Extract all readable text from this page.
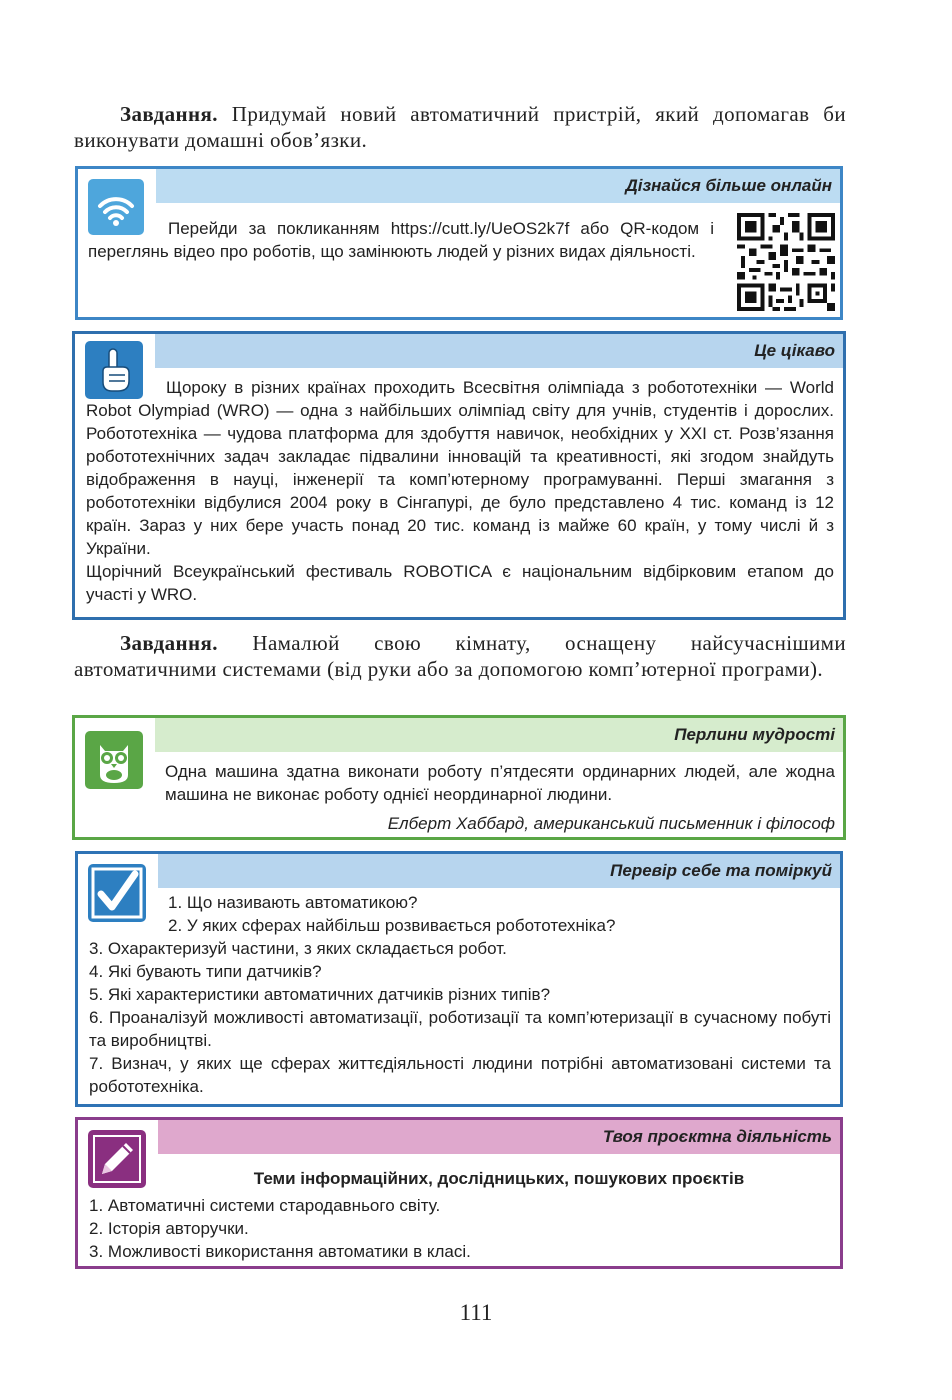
Завдання. Придумай новий автоматичний пристрій, який допомагав би виконувати домашні обов’язки.
Дізнайся більше онлайн
Перейди за покликанням https://cutt.ly/UeOS2k7f або QR-кодом і переглянь відео про роботів, що замінюють людей у різних видах діяльності.
Це цікаво
Щороку в різних країнах проходить Всесвітня олімпіада з робототехніки — World Robot Olympiad (WRO) — одна з найбільших олімпіад світу для учнів, студентів і дорослих. Робототехніка — чудова платформа для здобуття навичок, необхідних у XXI ст. Розв’язання робототехнічних задач закладає підвалини інновацій та креативності, які згодом знайдуть відображення в науці, інженерії та комп’ютерному програмуванні. Перші змагання з робототехніки відбулися 2004 року в Сінгапурі, де було представлено 4 тис. команд із 12 країн. Зараз у них бере участь понад 20 тис. команд із майже 60 країн, у тому числі й з України.
Щорічний Всеукраїнський фестиваль ROBOTICA є національним відбірковим етапом до участі у WRO.
Завдання. Намалюй свою кімнату, оснащену найсучаснішими автоматичними системами (від руки або за допомогою комп’ютерної програми).
Перлини мудрості
Одна машина здатна виконати роботу п’ятдесяти ординарних людей, але жодна машина не виконає роботу однієї неординарної людини.
Елберт Хаббард, американський письменник і філософ
Перевір себе та поміркуй
1. Що називають автоматикою?
2. У яких сферах найбільш розвивається робототехніка?
3. Охарактеризуй частини, з яких складається робот.
4. Які бувають типи датчиків?
5. Які характеристики автоматичних датчиків різних типів?
6. Проаналізуй можливості автоматизації, роботизації та комп’ютеризації в сучасному побуті та виробництві.
7. Визнач, у яких ще сферах життєдіяльності людини потрібні автоматизовані системи та робототехніка.
Твоя проєктна діяльність
Теми інформаційних, дослідницьких, пошукових проєктів
1. Автоматичні системи стародавнього світу.
2. Історія авторучки.
3. Можливості використання автоматики в класі.
111
